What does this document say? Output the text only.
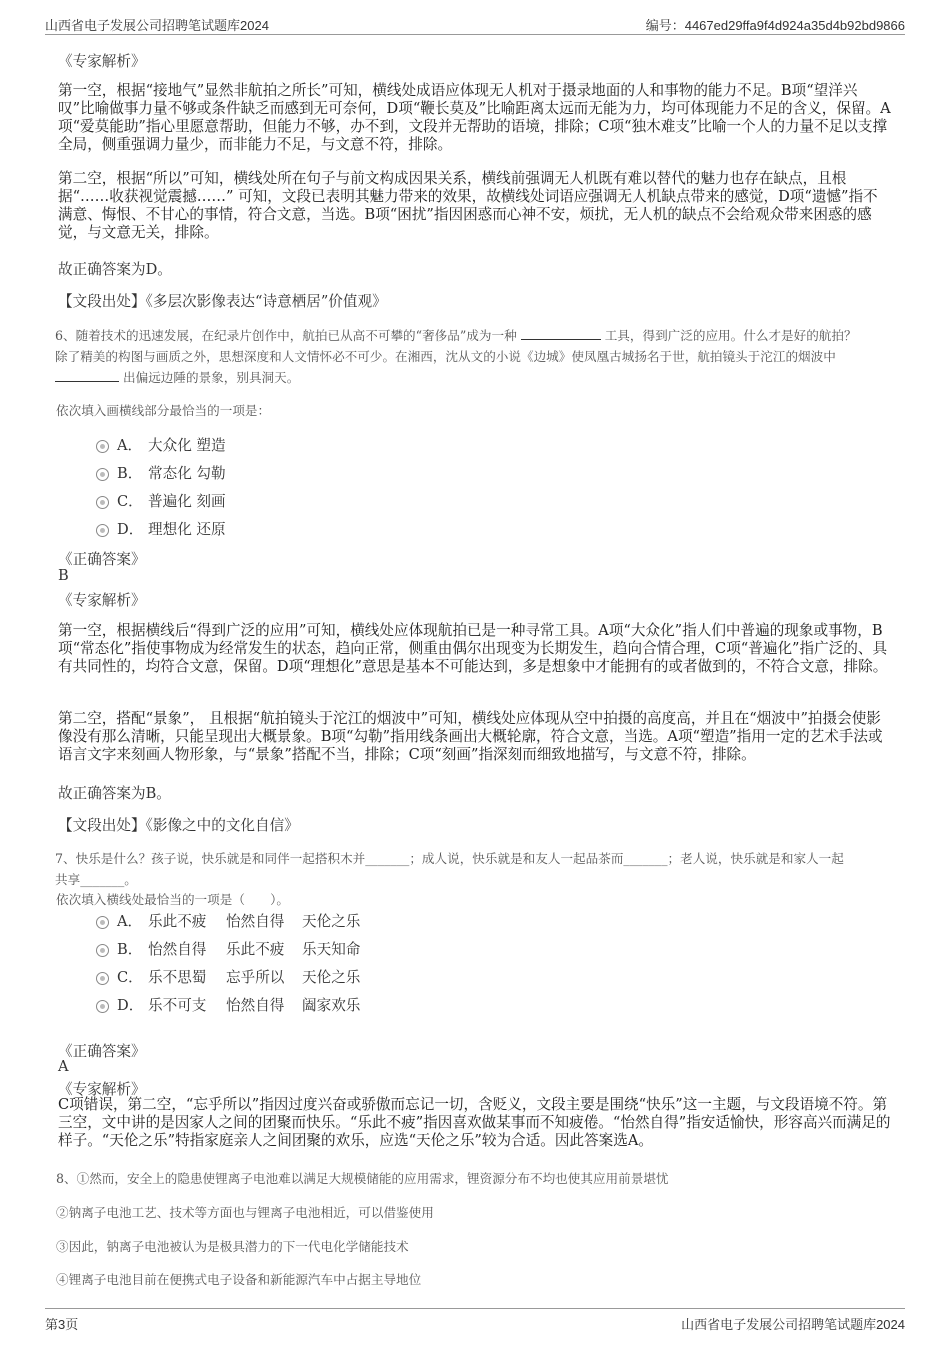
山西省电子发展公司招聘笔试题库2024	编号：4467ed29ffa9f4d924a35d4b92bd9866
《专家解析》
第一空，根据“接地气”显然非航拍之所长”可知，横线处成语应体现无人机对于摄录地面的人和事物的能力不足。B项“望洋兴叹”比喻做事力量不够或条件缺乏而感到无可奈何，D项“鞭长莫及”比喻距离太远而无能为力，均可体现能力不足的含义，保留。A项“爱莫能助”指心里愿意帮助，但能力不够，办不到，文段并无帮助的语境，排除；C项“独木难支”比喻一个人的力量不足以支撑全局，侧重强调力量少，而非能力不足，与文意不符，排除。
第二空，根据“所以”可知，横线处所在句子与前文构成因果关系，横线前强调无人机既有难以替代的魅力也存在缺点，且根据“……收获视觉震撼……” 可知，文段已表明其魅力带来的效果，故横线处词语应强调无人机缺点带来的感觉，D项“遗憾”指不满意、悔恨、不甘心的事情，符合文意，当选。B项“困扰”指因困惑而心神不安，烦扰，无人机的缺点不会给观众带来困惑的感觉，与文意无关，排除。
故正确答案为D。
【文段出处】《多层次影像表达“诗意栖居”价值观》
6、随着技术的迅速发展，在纪录片创作中，航拍已从高不可攀的“奢侈品”成为一种	工具，得到广泛的应用。什么才是好的航拍？
除了精美的构图与画质之外，思想深度和人文情怀必不可少。在湘西，沈从文的小说《边城》使凤凰古城扬名于世，航拍镜头于沱江的烟波中
出偏远边陲的景象，别具洞天。
依次填入画横线部分最恰当的一项是：
A． 大众化 塑造
B． 常态化 勾勒
C． 普遍化 刻画
D． 理想化 还原
《正确答案》
B
《专家解析》
第一空，根据横线后“得到广泛的应用”可知，横线处应体现航拍已是一种寻常工具。A项“大众化”指人们中普遍的现象或事物，B项“常态化”指使事物成为经常发生的状态，趋向正常，侧重由偶尔出现变为长期发生，趋向合情合理，C项“普遍化”指广泛的、具有共同性的，均符合文意，保留。D项“理想化”意思是基本不可能达到，多是想象中才能拥有的或者做到的，不符合文意，排除。
第二空，搭配“景象”， 且根据“航拍镜头于沱江的烟波中”可知，横线处应体现从空中拍摄的高度高，并且在“烟波中”拍摄会使影像没有那么清晰，只能呈现出大概景象。B项“勾勒”指用线条画出大概轮廓，符合文意，当选。A项“塑造”指用一定的艺术手法或语言文字来刻画人物形象，与“景象”搭配不当，排除；C项“刻画”指深刻而细致地描写，与文意不符，排除。
故正确答案为B。
【文段出处】《影像之中的文化自信》
7、快乐是什么？孩子说，快乐就是和同伴一起搭积木并_______；成人说，快乐就是和友人一起品茶而_______；老人说，快乐就是和家人一起
共享_______。
依次填入横线处最恰当的一项是（　　）。
A． 乐此不疲 怡然自得 天伦之乐
B． 怡然自得 乐此不疲 乐天知命
C． 乐不思蜀 忘乎所以 天伦之乐
D． 乐不可支 怡然自得 阖家欢乐
《正确答案》
A
《专家解析》
C项错误，第二空，“忘乎所以”指因过度兴奋或骄傲而忘记一切，含贬义，文段主要是围绕“快乐”这一主题，与文段语境不符。第三空，文中讲的是因家人之间的团聚而快乐。“乐此不疲”指因喜欢做某事而不知疲倦。“怡然自得”指安适愉快，形容高兴而满足的样子。“天伦之乐”特指家庭亲人之间团聚的欢乐，应选“天伦之乐”较为合适。因此答案选A。
8、①然而，安全上的隐患使锂离子电池难以满足大规模储能的应用需求，锂资源分布不均也使其应用前景堪忧
②钠离子电池工艺、技术等方面也与锂离子电池相近，可以借鉴使用
③因此，钠离子电池被认为是极具潜力的下一代电化学储能技术
④锂离子电池目前在便携式电子设备和新能源汽车中占据主导地位
第3页	山西省电子发展公司招聘笔试题库2024
